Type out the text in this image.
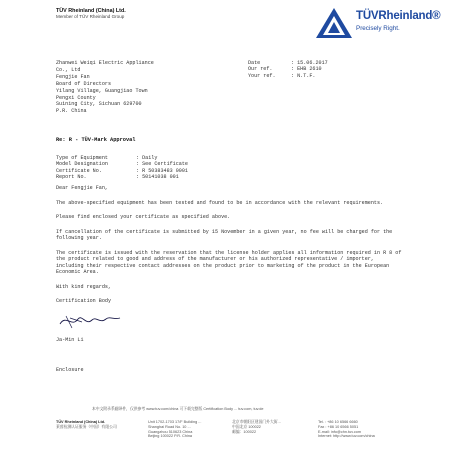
TÜV Rheinland (China) Ltd.
Member of TÜV Rheinland Group	TÜVRheinland®
Precisely Right.
Zhanwei Weiqi Electric Appliance
Co., Ltd
Fengjie Fan
Board of Directors
Yilang Village, Guangjiao Town
Pengxi County
Suining City, Sichuan 629700
P.R. China
Date	: 15.06.2017
Our ref.	: EHB 2610
Your ref.	: N.T.F.
Re: R - TÜV-Mark Approval
Type of Equipment	: Daily
Model Designation	: See Certificate
Certificate No.	: R 50383483 0001
Report No.	: 50141038 001

Dear Fengjie Fan,

The above-specified equipment has been tested and found to be in accordance with the relevant requirements.

Please find enclosed your certificate as specified above.

If cancellation of the certificate is submitted by 15 November in a given year, no fee will be charged for the following year.

The certificate is issued with the reservation that the license holder applies all information required in R 8 of the product related to good and address of the manufacturer or his authorized representative / importer, including their respective contact addresses on the product prior to marketing of the product in the European Economic Area.

With kind regards,

Certification Body

Ja-Min Li
Enclosure
本中文附录系翻译件，仅供参考 www.tuv.com/china 可下载完整版 Certification Body ... tuv.com, tuv.de
TÜV Rheinland (China) Ltd.
莱茵检测认证服务（中国）有限公司
Unit 1702-1703 17/F Building ...
Shanghai Road No. 10 ...
Guangzhou 510623 China
Beijing 100022 P.R. China
北京市朝阳区建国门外大街...
中国北京 100022
邮编：100022
Tel. : +86 10 6566 6660
Fax : +86 10 6566 5051
E-mail: info@chn.tuv.com
Internet: http://www.tuv.com/china
